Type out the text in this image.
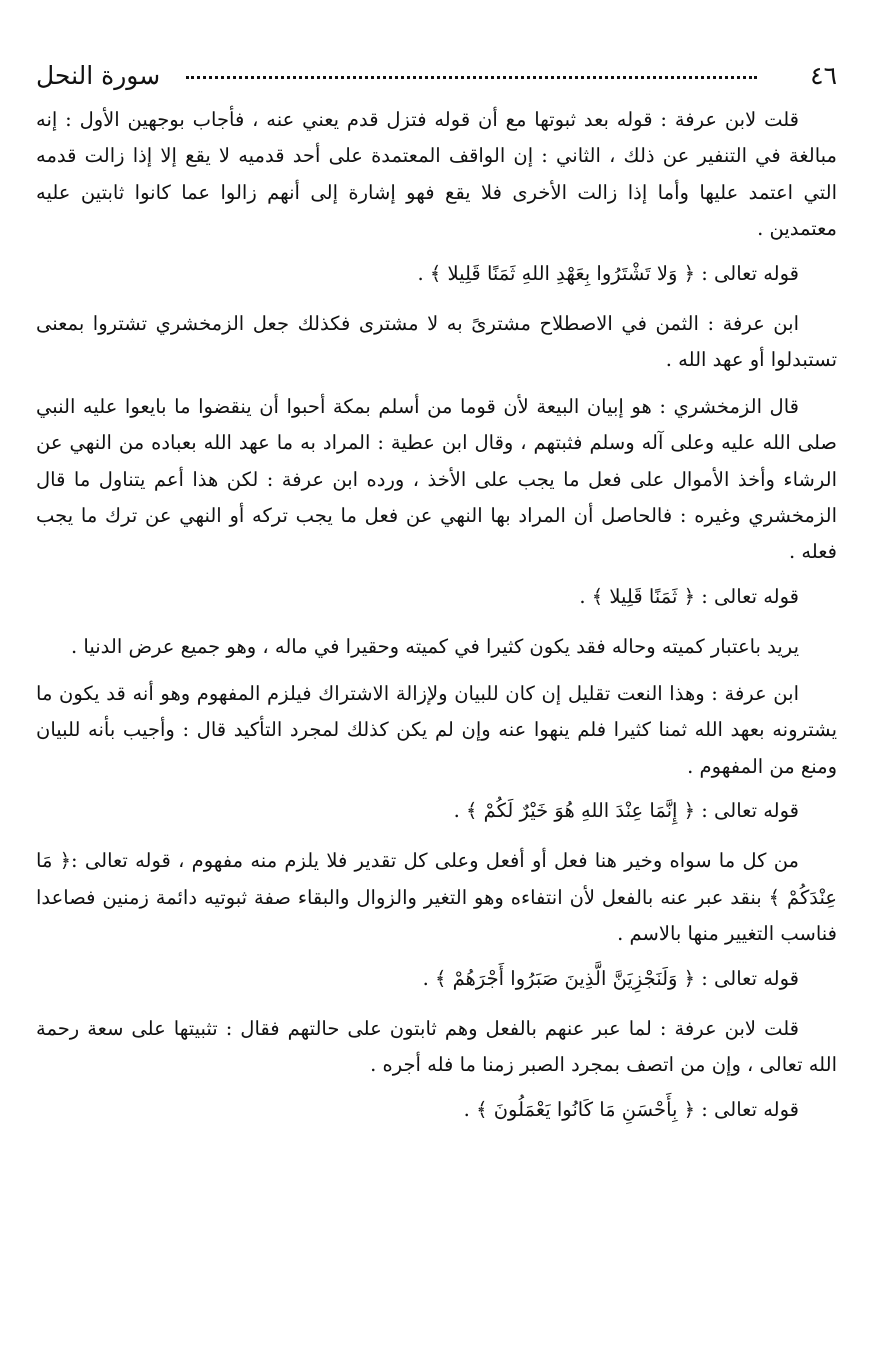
٤٦
سورة النحل

قلت لابن عرفة : قوله بعد ثبوتها مع أن قوله فتزل قدم يعني عنه ، فأجاب بوجهين الأول : إنه مبالغة في التنفير عن ذلك ، الثاني : إن الواقف المعتمدة على أحد قدميه لا يقع إلا إذا زالت قدمه التي اعتمد عليها وأما إذا زالت الأخرى فلا يقع فهو إشارة إلى أنهم زالوا عما كانوا ثابتين عليه معتمدين .

قوله تعالى : ﴿ وَلا تَشْتَرُوا بِعَهْدِ اللهِ ثَمَنًا قَلِيلا ﴾ .

ابن عرفة : الثمن في الاصطلاح مشترىً به لا مشترى فكذلك جعل الزمخشري تشتروا بمعنى تستبدلوا أو عهد الله .

قال الزمخشري : هو إبيان البيعة لأن قوما من أسلم بمكة أحبوا أن ينقضوا ما بايعوا عليه النبي صلى الله عليه وعلى آله وسلم فثبتهم ، وقال ابن عطية : المراد به ما عهد الله بعباده من النهي عن الرشاء وأخذ الأموال على فعل ما يجب على الأخذ ، ورده ابن عرفة : لكن هذا أعم يتناول ما قال الزمخشري وغيره : فالحاصل أن المراد بها النهي عن فعل ما يجب تركه أو النهي عن ترك ما يجب فعله .

قوله تعالى : ﴿ ثَمَنًا قَلِيلا ﴾ .

يريد باعتبار كميته وحاله فقد يكون كثيرا في كميته وحقيرا في ماله ، وهو جميع عرض الدنيا .

ابن عرفة : وهذا النعت تقليل إن كان للبيان ولإزالة الاشتراك فيلزم المفهوم وهو أنه قد يكون ما يشترونه بعهد الله ثمنا كثيرا فلم ينهوا عنه وإن لم يكن كذلك لمجرد التأكيد قال : وأجيب بأنه للبيان ومنع من المفهوم .

قوله تعالى : ﴿ إِنَّمَا عِنْدَ اللهِ هُوَ خَيْرٌ لَكُمْ ﴾ .

من كل ما سواه وخير هنا فعل أو أفعل وعلى كل تقدير فلا يلزم منه مفهوم ، قوله تعالى :﴿ مَا عِنْدَكُمْ ﴾ بنقد عبر عنه بالفعل لأن انتفاءه وهو التغير والزوال والبقاء صفة ثبوتيه دائمة زمنين فصاعدا فناسب التغيير منها بالاسم .

قوله تعالى : ﴿ وَلَنَجْزِيَنَّ الَّذِينَ صَبَرُوا أَجْرَهُمْ ﴾ .

قلت لابن عرفة : لما عبر عنهم بالفعل وهم ثابتون على حالتهم فقال : تثبيتها على سعة رحمة الله تعالى ، وإن من اتصف بمجرد الصبر زمنا ما فله أجره .

قوله تعالى : ﴿ بِأَحْسَنِ مَا كَانُوا يَعْمَلُونَ ﴾ .
